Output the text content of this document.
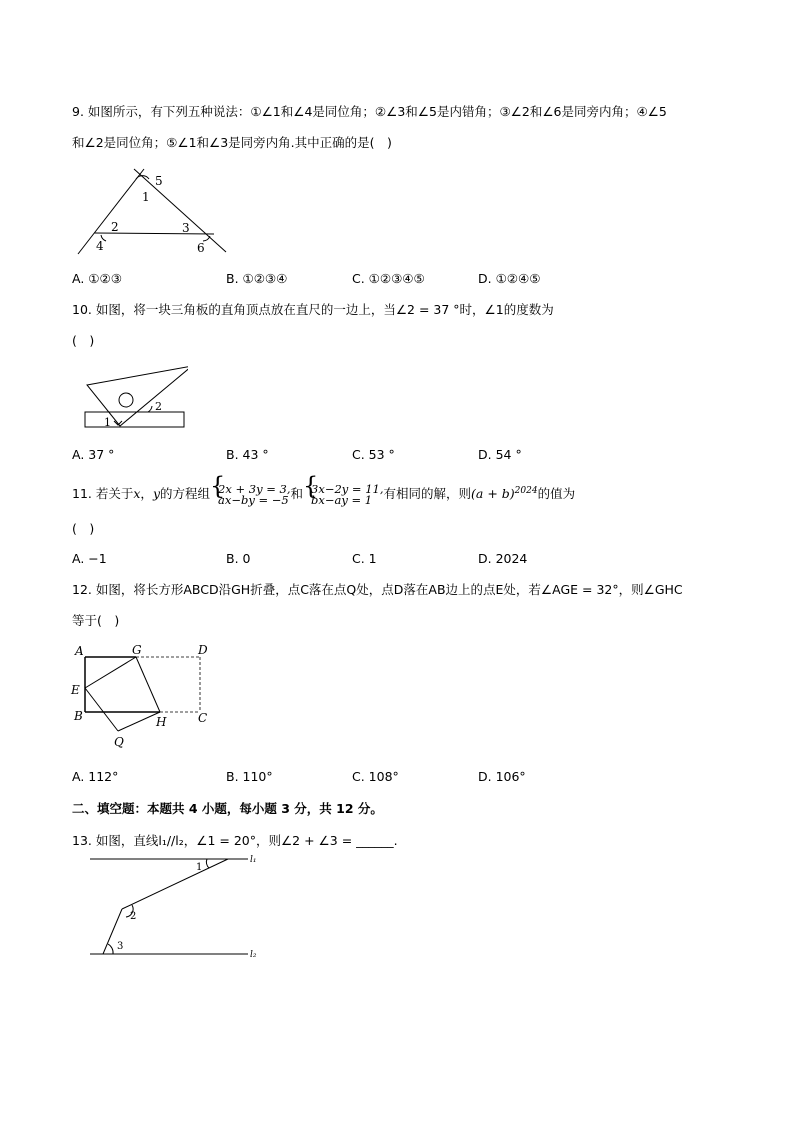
9. 如图所示，有下列五种说法：①∠1和∠4是同位角；②∠3和∠5是内错角；③∠2和∠6是同旁内角；④∠5
和∠2是同位角；⑤∠1和∠3是同旁内角.其中正确的是(　)
5
1
2	3
4	6
A. ①②③	B. ①②③④	C. ①②③④⑤	D. ①②④⑤
10. 如图，将一块三角板的直角顶点放在直尺的一边上，当∠2 = 37 °时，∠1的度数为
(　)
1
2
A. 37 °	B. 43 °	C. 53 °	D. 54 °
11. 若关于x，y的方程组 { 2x + 3y = 3,
ax−by = −5 和 { 3x−2y = 11,
bx−ay = 1 有相同的解，则$(a + b)^{2024}$的值为
(　)
A. −1	B. 0	C. 1	D. 2024
12. 如图，将长方形ABCD沿GH折叠，点C落在点Q处，点D落在AB边上的点E处，若∠AGE = 32°，则∠GHC
等于(　)
A	G	D
E
B	H	C
Q
A. 112°	B. 110°	C. 108°	D. 106°
二、填空题：本题共 4 小题，每小题 3 分，共 12 分。
13. 如图，直线l₁//l₂，∠1 = 20°，则∠2 + ∠3 = ______.
1
2
3
l₁
l₂
